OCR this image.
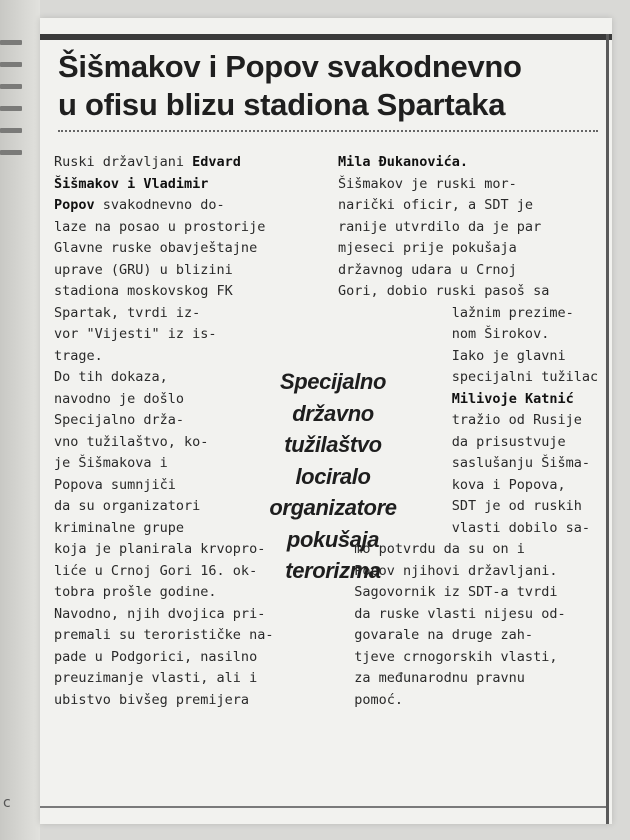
c
Šišmakov i Popov svakodnevno
u ofisu blizu stadiona Spartaka
Ruski državljani Edvard
Šišmakov i Vladimir
Popov svakodnevno do-
laze na posao u prostorije
Glavne ruske obavještajne
uprave (GRU) u blizini
stadiona moskovskog FK
Spartak, tvrdi iz-
vor "Vijesti" iz is-
trage.
Do tih dokaza,
navodno je došlo
Specijalno drža-
vno tužilaštvo, ko-
je Šišmakova i
Popova sumnjiči
da su organizatori
kriminalne grupe
koja je planirala krvopro-
liće u Crnoj Gori 16. ok-
tobra prošle godine.
Navodno, njih dvojica pri-
premali su terorističke na-
pade u Podgorici, nasilno
preuzimanje vlasti, ali i
ubistvo bivšeg premijera
Mila Đukanovića.
Šišmakov je ruski mor-
narički oficir, a SDT je
ranije utvrdilo da je par
mjeseci prije pokušaja
državnog udara u Crnoj
Gori, dobio ruski pasoš sa
lažnim prezime-
nom Širokov.
Iako je glavni
specijalni tužilac
Milivoje Katnić
tražio od Rusije
da prisustvuje
saslušanju Šišma-
kova i Popova,
SDT je od ruskih
vlasti dobilo sa-
mo potvrdu da su on i
Popov njihovi državljani.
Sagovornik iz SDT-a tvrdi
da ruske vlasti nijesu od-
govarale na druge zah-
tjeve crnogorskih vlasti,
za međunarodnu pravnu
pomoć.
Specijalno
državno
tužilaštvo
lociralo
organizatore
pokušaja
terorizma
